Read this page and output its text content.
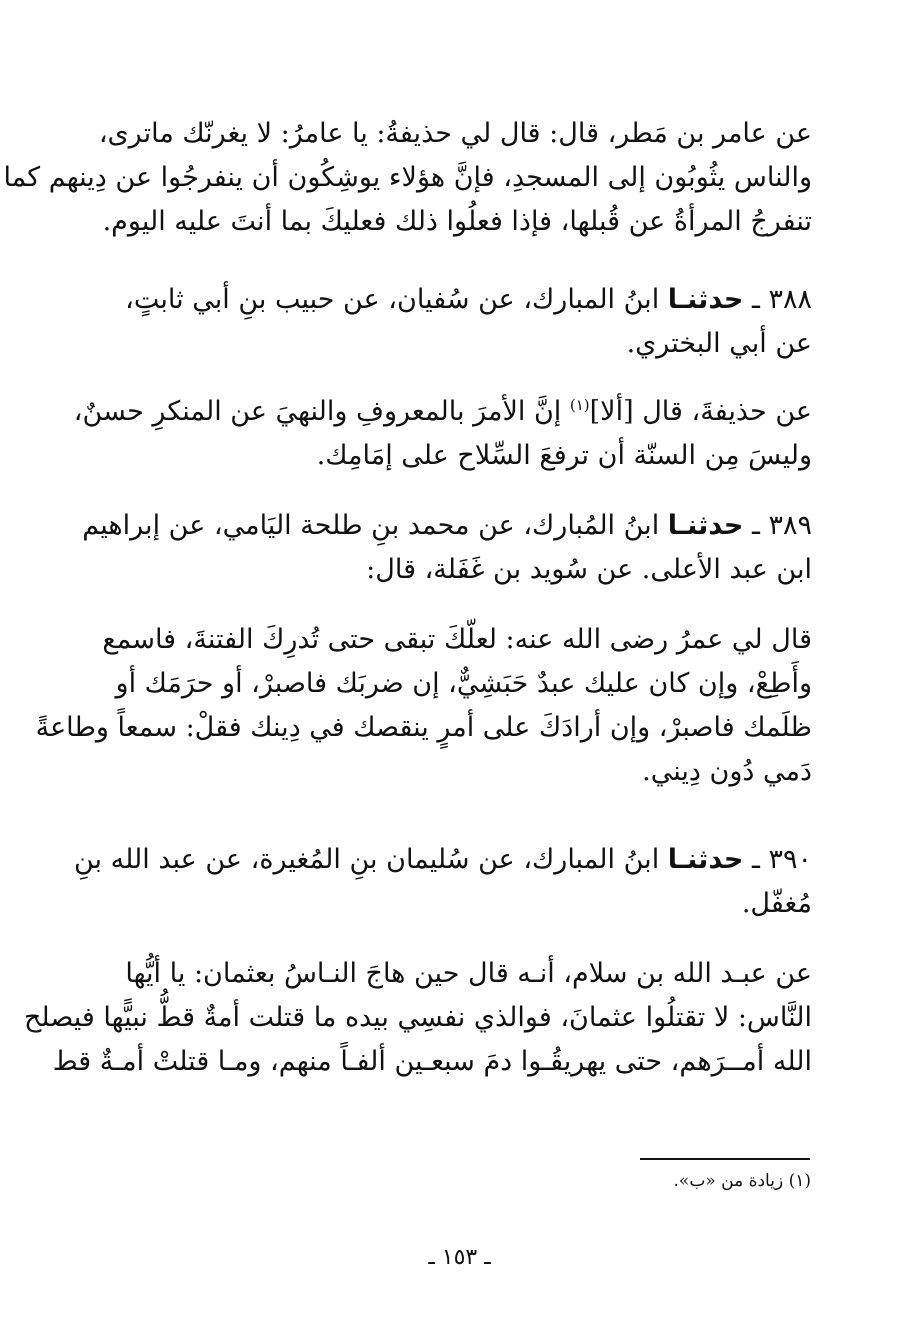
عن عامر بن مَطر، قال: قال لي حذيفةُ: يا عامرُ: لا يغرنّك ماترى،
والناس يثُوبُون إلى المسجدِ، فإنَّ هؤلاء يوشِكُون أن ينفرجُوا عن دِينهم كما
تنفرجُ المرأةُ عن قُبلها، فإذا فعلُوا ذلك فعليكَ بما أنتَ عليه اليوم.
٣٨٨ ـ حدثنـا ابنُ المبارك، عن سُفيان، عن حبيب بنِ أبي ثابتٍ،
عن أبي البختري.
عن حذيفةَ، قال [ألا]$^{(١)}$ إنَّ الأمرَ بالمعروفِ والنهيَ عن المنكرِ حسنٌ،
وليسَ مِن السنّة أن ترفعَ السِّلاح على إمَامِك.
٣٨٩ ـ حدثنـا ابنُ المُبارك، عن محمد بنِ طلحة اليَامي، عن إبراهيم
ابن عبد الأعلى. عن سُويد بن غَفَلة، قال:
قال لي عمرُ رضى الله عنه: لعلّكَ تبقى حتى تُدرِكَ الفتنةَ، فاسمع
وأَطِعْ، وإن كان عليك عبدٌ حَبَشِيٌّ، إن ضربَك فاصبرْ، أو حرَمَك أو
ظلَمك فاصبرْ، وإن أرادَكَ على أمرٍ ينقصك في دِينك فقلْ: سمعاً وطاعةً
دَمي دُون دِيني.
٣٩٠ ـ حدثنـا ابنُ المبارك، عن سُليمان بنِ المُغيرة، عن عبد الله بنِ
مُغفّل.
عن عبـد الله بن سلام، أنـه قال حين هاجَ النـاسُ بعثمان: يا أيُّها
النَّاس: لا تقتلُوا عثمانَ، فوالذي نفسِي بيده ما قتلت أمةٌ قطُّ نبيًّها فيصلح
الله أمــرَهم، حتى يهريقُـوا دمَ سبعـين ألفـاً منهم، ومـا قتلتْ أمـةٌ قط
(١) زيادة من «ب».
ـ ١٥٣ ـ
